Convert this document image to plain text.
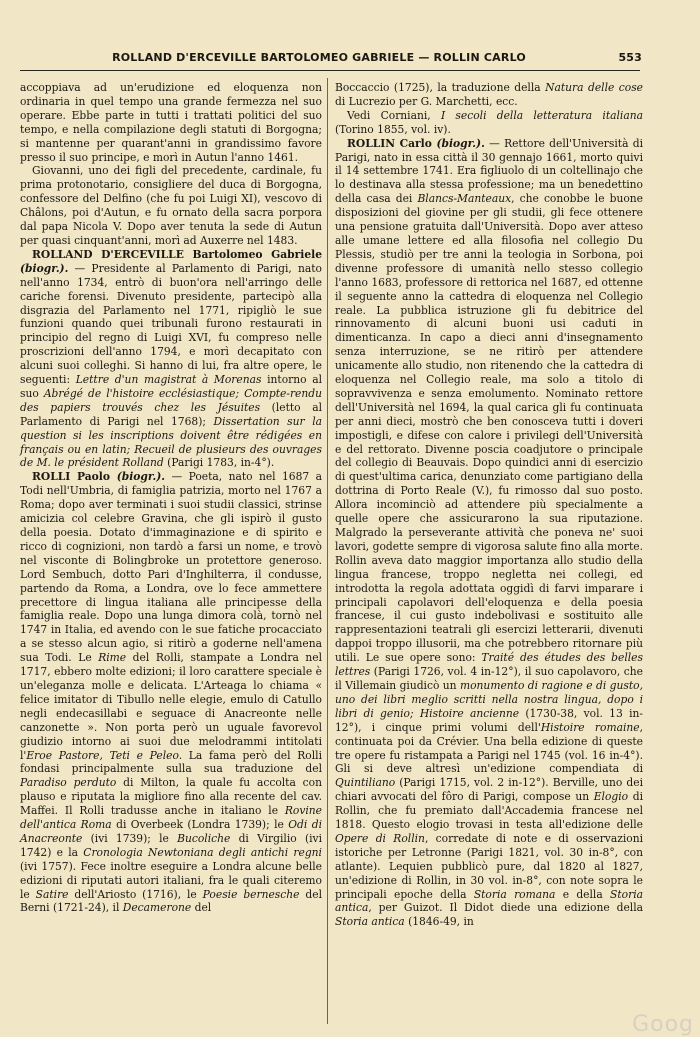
ROLLAND D'ERCEVILLE BARTOLOMEO GABRIELE — ROLLIN CARLO	553

accoppiava ad un'erudizione ed eloquenza non ordinaria in quel tempo una grande fermezza nel suo operare. Ebbe parte in tutti i trattati politici del suo tempo, e nella compilazione degli statuti di Borgogna; si mantenne per quarant'anni in grandissimo favore presso il suo principe, e morì in Autun l'anno 1461.

Giovanni, uno dei figli del precedente, cardinale, fu prima protonotario, consigliere del duca di Borgogna, confessore del Delfino (che fu poi Luigi XI), vescovo di Châlons, poi d'Autun, e fu ornato della sacra porpora dal papa Nicola V. Dopo aver tenuta la sede di Autun per quasi cinquant'anni, morì ad Auxerre nel 1483.

ROLLAND D'ERCEVILLE Bartolomeo Gabriele (biogr.). — Presidente al Parlamento di Parigi, nato nell'anno 1734, entrò di buon'ora nell'arringo delle cariche forensi. Divenuto presidente, partecipò alla disgrazia del Parlamento nel 1771, ripigliò le sue funzioni quando quei tribunali furono restaurati in principio del regno di Luigi XVI, fu compreso nelle proscrizioni dell'anno 1794, e morì decapitato con alcuni suoi colleghi. Si hanno di lui, fra altre opere, le seguenti: Lettre d'un magistrat à Morenas intorno al suo Abrégé de l'histoire ecclésiastique; Compte-rendu des papiers trouvés chez les Jésuites (letto al Parlamento di Parigi nel 1768); Dissertation sur la question si les inscriptions doivent être rédigées en français ou en latin; Recueil de plusieurs des ouvrages de M. le président Rolland (Parigi 1783, in-4°).

ROLLI Paolo (biogr.). — Poeta, nato nel 1687 a Todi nell'Umbria, di famiglia patrizia, morto nel 1767 a Roma; dopo aver terminati i suoi studii classici, strinse amicizia col celebre Gravina, che gli ispirò il gusto della poesia. Dotato d'immaginazione e di spirito e ricco di cognizioni, non tardò a farsi un nome, e trovò nel visconte di Bolingbroke un protettore generoso. Lord Sembuch, dotto Pari d'Inghilterra, il condusse, partendo da Roma, a Londra, ove lo fece ammettere precettore di lingua italiana alle principesse della famiglia reale. Dopo una lunga dimora colà, tornò nel 1747 in Italia, ed avendo con le sue fatiche procacciato a se stesso alcun agio, si ritirò a goderne nell'amena sua Todi. Le Rime del Rolli, stampate a Londra nel 1717, ebbero molte edizioni; il loro carattere speciale è un'eleganza molle e delicata. L'Arteaga lo chiama « felice imitator di Tibullo nelle elegie, emulo di Catullo negli endecasillabi e seguace di Anacreonte nelle canzonette ». Non porta però un uguale favorevol giudizio intorno ai suoi due melodrammi intitolati l'Eroe Pastore, Teti e Peleo. La fama però del Rolli fondasi principalmente sulla sua traduzione del Paradiso perduto di Milton, la quale fu accolta con plauso e riputata la migliore fino alla recente del cav. Maffei. Il Rolli tradusse anche in italiano le Rovine dell'antica Roma di Overbeek (Londra 1739); le Odi di Anacreonte (ivi 1739); le Bucoliche di Virgilio (ivi 1742) e la Cronologia Newtoniana degli antichi regni (ivi 1757). Fece inoltre eseguire a Londra alcune belle edizioni di riputati autori italiani, fra le quali citeremo le Satire dell'Ariosto (1716), le Poesie bernesche del Berni (1721-24), il Decamerone del

Boccaccio (1725), la traduzione della Natura delle cose di Lucrezio per G. Marchetti, ecc.

Vedi Corniani, I secoli della letteratura italiana (Torino 1855, vol. iv).

ROLLIN Carlo (biogr.). — Rettore dell'Università di Parigi, nato in essa città il 30 gennajo 1661, morto quivi il 14 settembre 1741. Era figliuolo di un coltellinajo che lo destinava alla stessa professione; ma un benedettino della casa dei Blancs-Manteaux, che conobbe le buone disposizioni del giovine per gli studii, gli fece ottenere una pensione gratuita dall'Università. Dopo aver atteso alle umane lettere ed alla filosofia nel collegio Du Plessis, studiò per tre anni la teologia in Sorbona, poi divenne professore di umanità nello stesso collegio l'anno 1683, professore di rettorica nel 1687, ed ottenne il seguente anno la cattedra di eloquenza nel Collegio reale. La pubblica istruzione gli fu debitrice del rinnovamento di alcuni buoni usi caduti in dimenticanza. In capo a dieci anni d'insegnamento senza interruzione, se ne ritirò per attendere unicamente allo studio, non ritenendo che la cattedra di eloquenza nel Collegio reale, ma solo a titolo di sopravvivenza e senza emolumento. Nominato rettore dell'Università nel 1694, la qual carica gli fu continuata per anni dieci, mostrò che ben conosceva tutti i doveri impostigli, e difese con calore i privilegi dell'Università e del rettorato. Divenne poscia coadjutore o principale del collegio di Beauvais. Dopo quindici anni di esercizio di quest'ultima carica, denunziato come partigiano della dottrina di Porto Reale (V.), fu rimosso dal suo posto. Allora incominciò ad attendere più specialmente a quelle opere che assicurarono la sua riputazione. Malgrado la perseverante attività che poneva ne' suoi lavori, godette sempre di vigorosa salute fino alla morte. Rollin aveva dato maggior importanza allo studio della lingua francese, troppo negletta nei collegi, ed introdotta la regola adottata oggidì di farvi imparare i principali capolavori dell'eloquenza e della poesia francese, il cui gusto indebolivasi e sostituito alle rappresentazioni teatrali gli esercizi letterarii, divenuti dappoi troppo illusorii, ma che potrebbero ritornare più utili. Le sue opere sono: Traité des études des belles lettres (Parigi 1726, vol. 4 in-12°), il suo capolavoro, che il Villemain giudicò un monumento di ragione e di gusto, uno dei libri meglio scritti nella nostra lingua, dopo i libri di genio; Histoire ancienne (1730-38, vol. 13 in-12°), i cinque primi volumi dell'Histoire romaine, continuata poi da Crévier. Una bella edizione di queste tre opere fu ristampata a Parigi nel 1745 (vol. 16 in-4°). Gli si deve altresì un'edizione compendiata di Quintiliano (Parigi 1715, vol. 2 in-12°). Berville, uno dei chiari avvocati del fôro di Parigi, compose un Elogio di Rollin, che fu premiato dall'Accademia francese nel 1818. Questo elogio trovasi in testa all'edizione delle Opere di Rollin, corredate di note e di osservazioni istoriche per Letronne (Parigi 1821, vol. 30 in-8°, con atlante). Lequien pubblicò pure, dal 1820 al 1827, un'edizione di Rollin, in 30 vol. in-8°, con note sopra le principali epoche della Storia romana e della Storia antica, per Guizot. Il Didot diede una edizione della Storia antica (1846-49, in

Goog
